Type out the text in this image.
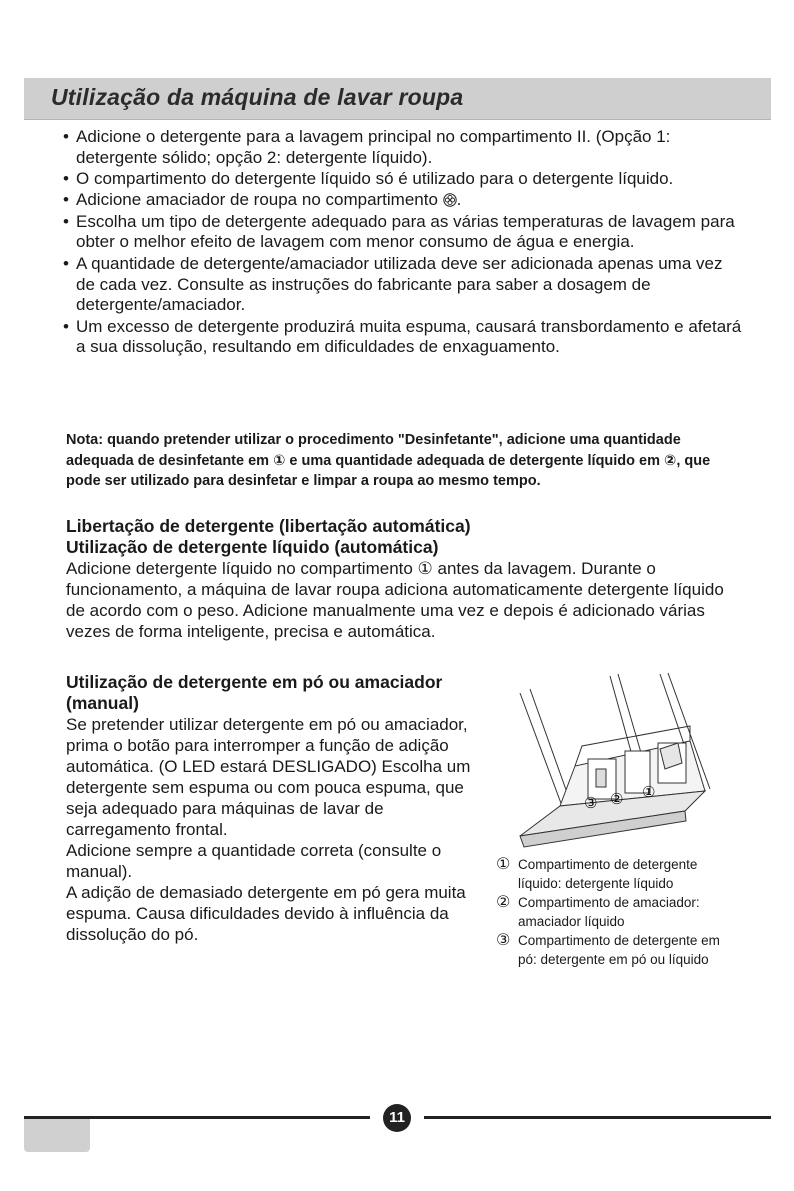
Utilização da máquina de lavar roupa
• Adicione o detergente para a lavagem principal no compartimento II. (Opção 1: detergente sólido; opção 2: detergente líquido).
• O compartimento do detergente líquido só é utilizado para o detergente líquido.
• Adicione amaciador de roupa no compartimento .
• Escolha um tipo de detergente adequado para as várias temperaturas de lavagem para obter o melhor efeito de lavagem com menor consumo de água e energia.
• A quantidade de detergente/amaciador utilizada deve ser adicionada apenas uma vez de cada vez. Consulte as instruções do fabricante para saber a dosagem de detergente/amaciador.
• Um excesso de detergente produzirá muita espuma, causará transbordamento e afetará a sua dissolução, resultando em dificuldades de enxaguamento.
Nota: quando pretender utilizar o procedimento "Desinfetante", adicione uma quantidade adequada de desinfetante em ① e uma quantidade adequada de detergente líquido em ②, que pode ser utilizado para desinfetar e limpar a roupa ao mesmo tempo.
Libertação de detergente (libertação automática)
Utilização de detergente líquido (automática)

Adicione detergente líquido no compartimento ① antes da lavagem. Durante o funcionamento, a máquina de lavar roupa adiciona automaticamente detergente líquido de acordo com o peso. Adicione manualmente uma vez e depois é adicionado várias vezes de forma inteligente, precisa e automática.

Utilização de detergente em pó ou amaciador (manual)

Se pretender utilizar detergente em pó ou amaciador, prima o botão para interromper a função de adição automática. (O LED estará DESLIGADO) Escolha um detergente sem espuma ou com pouca espuma, que seja adequado para máquinas de lavar de carregamento frontal.

Adicione sempre a quantidade correta (consulte o manual).

A adição de demasiado detergente em pó gera muita espuma. Causa dificuldades devido à influência da dissolução do pó.

③ ② ①
① Compartimento de detergente líquido: detergente líquido
② Compartimento de amaciador: amaciador líquido
③ Compartimento de detergente em pó: detergente em pó ou líquido
11
